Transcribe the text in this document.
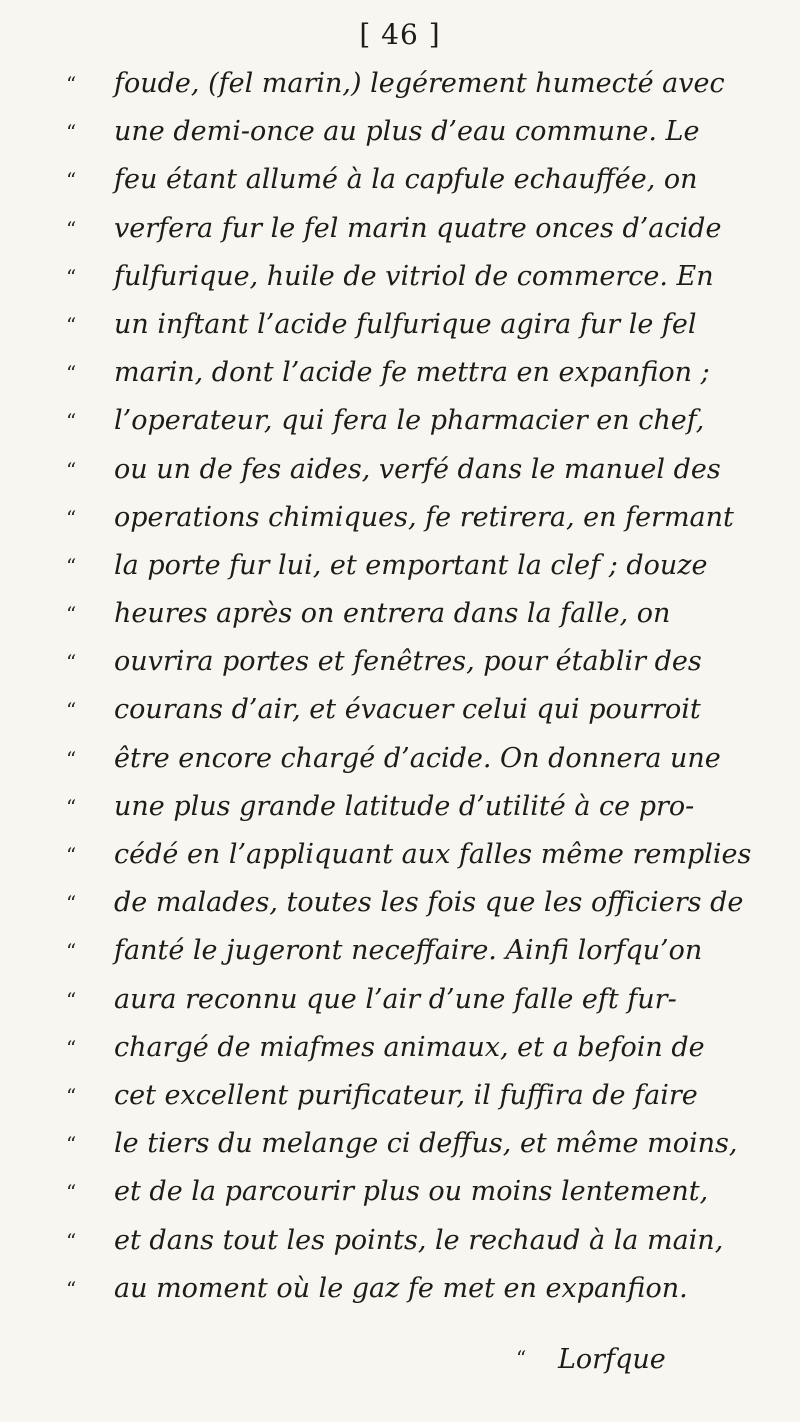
[ 46 ]
“ foude, (fel marin,) legérement humecté avec
“ une demi-once au plus d’eau commune. Le
“ feu étant allumé à la capfule echauffée, on
“ verfera fur le fel marin quatre onces d’acide
“ fulfurique, huile de vitriol de commerce. En
“ un inftant l’acide fulfurique agira fur le fel
“ marin, dont l’acide fe mettra en expanfion ;
“ l’operateur, qui fera le pharmacier en chef,
“ ou un de fes aides, verfé dans le manuel des
“ operations chimiques, fe retirera, en fermant
“ la porte fur lui, et emportant la clef ; douze
“ heures après on entrera dans la falle, on
“ ouvrira portes et fenêtres, pour établir des
“ courans d’air, et évacuer celui qui pourroit
“ être encore chargé d’acide. On donnera une
“ une plus grande latitude d’utilité à ce pro-
“ cédé en l’appliquant aux falles même remplies
“ de malades, toutes les fois que les officiers de
“ fanté le jugeront neceffaire. Ainfi lorfqu’on
“ aura reconnu que l’air d’une falle eft fur-
“ chargé de miafmes animaux, et a befoin de
“ cet excellent purificateur, il fuffira de faire
“ le tiers du melange ci deffus, et même moins,
“ et de la parcourir plus ou moins lentement,
“ et dans tout les points, le rechaud à la main,
“ au moment où le gaz fe met en expanfion.
“ Lorfque
